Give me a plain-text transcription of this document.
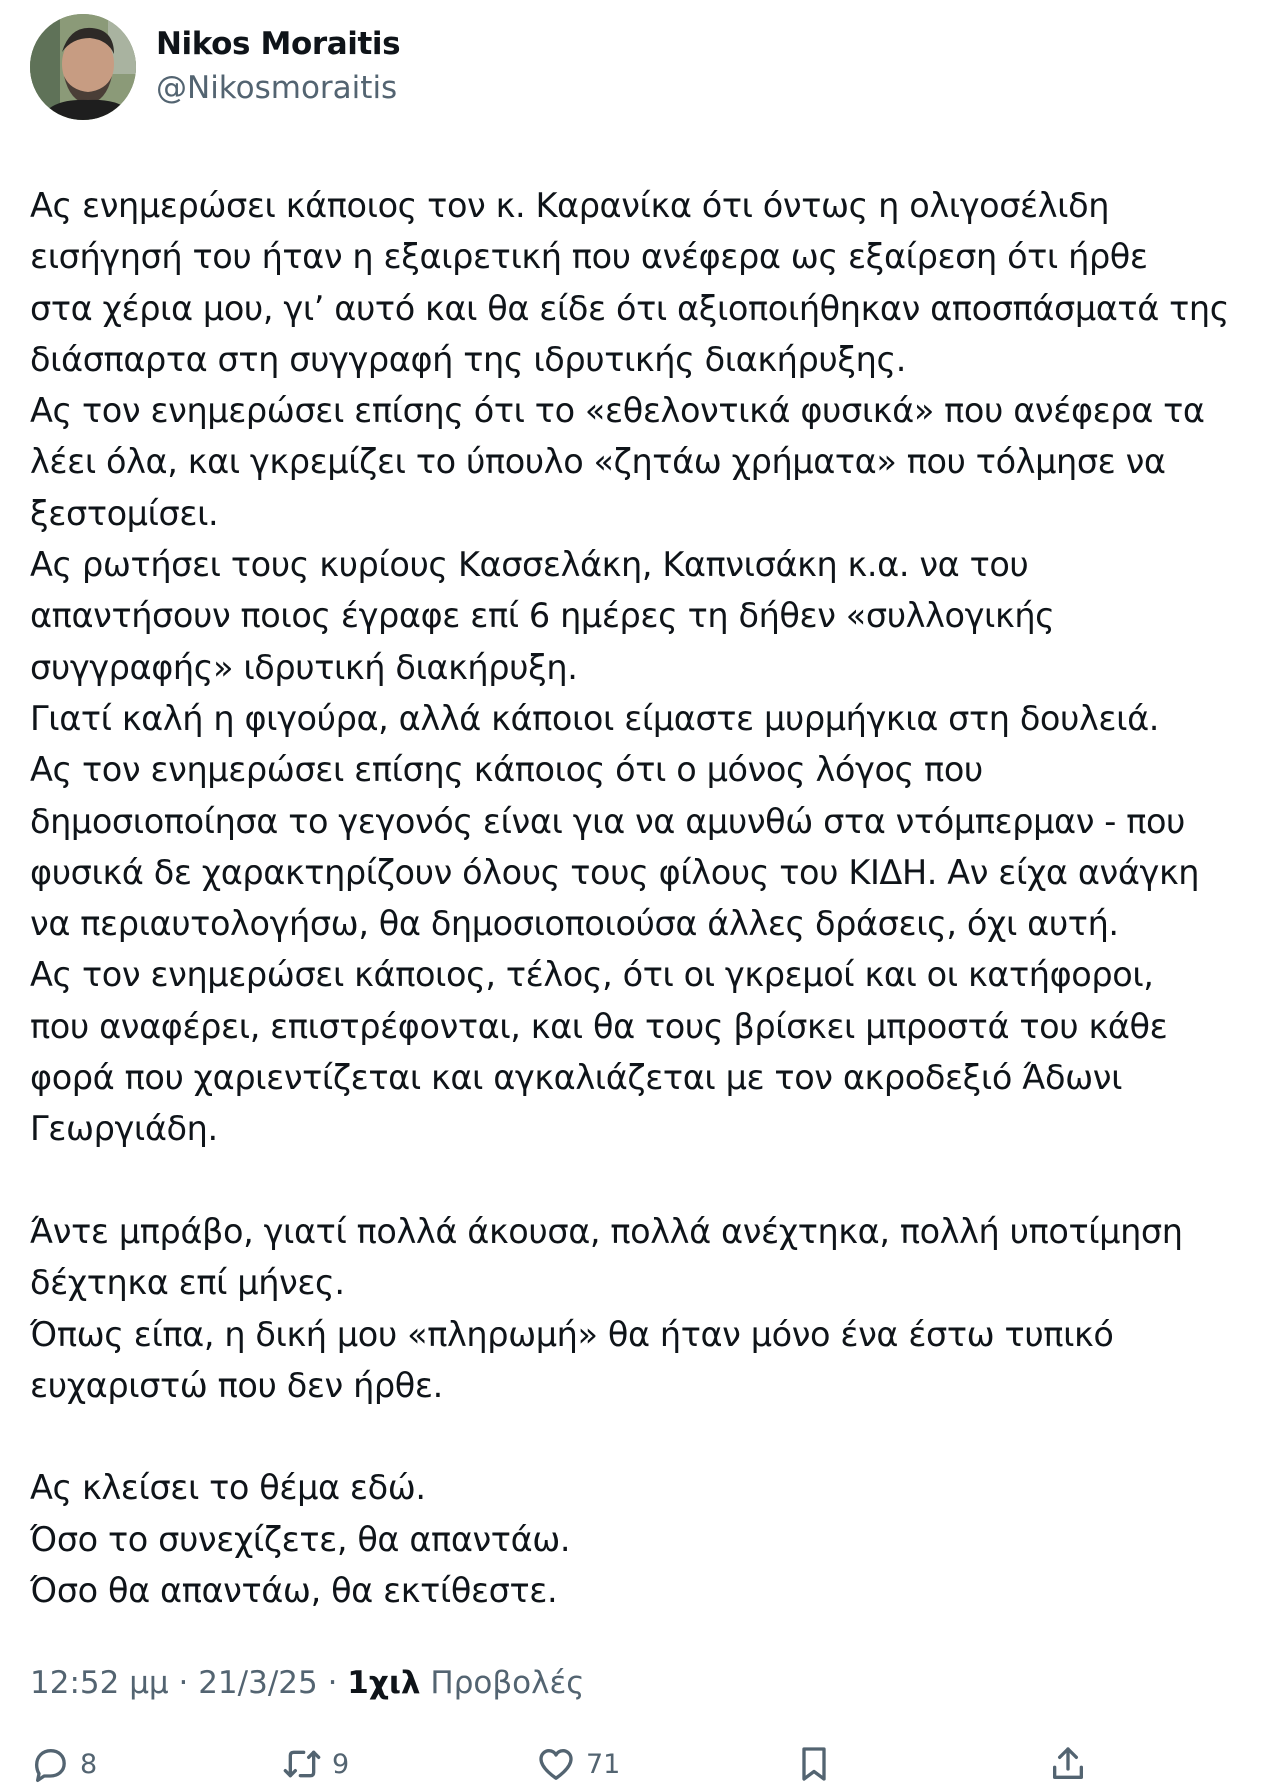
Nikos Moraitis
@Nikosmoraitis
Ας ενημερώσει κάποιος τον κ. Καρανίκα ότι όντως η ολιγοσέλιδη
εισήγησή του ήταν η εξαιρετική που ανέφερα ως εξαίρεση ότι ήρθε
στα χέρια μου, γι’ αυτό και θα είδε ότι αξιοποιήθηκαν αποσπάσματά της
διάσπαρτα στη συγγραφή της ιδρυτικής διακήρυξης.
Ας τον ενημερώσει επίσης ότι το «εθελοντικά φυσικά» που ανέφερα τα
λέει όλα, και γκρεμίζει το ύπουλο «ζητάω χρήματα» που τόλμησε να
ξεστομίσει.
Ας ρωτήσει τους κυρίους Κασσελάκη, Καπνισάκη κ.α. να του
απαντήσουν ποιος έγραφε επί 6 ημέρες τη δήθεν «συλλογικής
συγγραφής» ιδρυτική διακήρυξη.
Γιατί καλή η φιγούρα, αλλά κάποιοι είμαστε μυρμήγκια στη δουλειά.
Ας τον ενημερώσει επίσης κάποιος ότι ο μόνος λόγος που
δημοσιοποίησα το γεγονός είναι για να αμυνθώ στα ντόμπερμαν - που
φυσικά δε χαρακτηρίζουν όλους τους φίλους του ΚΙΔΗ. Αν είχα ανάγκη
να περιαυτολογήσω, θα δημοσιοποιούσα άλλες δράσεις, όχι αυτή.
Ας τον ενημερώσει κάποιος, τέλος, ότι οι γκρεμοί και οι κατήφοροι,
που αναφέρει, επιστρέφονται, και θα τους βρίσκει μπροστά του κάθε
φορά που χαριεντίζεται και αγκαλιάζεται με τον ακροδεξιό Άδωνι
Γεωργιάδη.

Άντε μπράβο, γιατί πολλά άκουσα, πολλά ανέχτηκα, πολλή υποτίμηση
δέχτηκα επί μήνες.
Όπως είπα, η δική μου «πληρωμή» θα ήταν μόνο ένα έστω τυπικό
ευχαριστώ που δεν ήρθε.

Ας κλείσει το θέμα εδώ.
Όσο το συνεχίζετε, θα απαντάω.
Όσο θα απαντάω, θα εκτίθεστε.
12:52 μμ · 21/3/25 · 1χιλ Προβολές
8	9	71
